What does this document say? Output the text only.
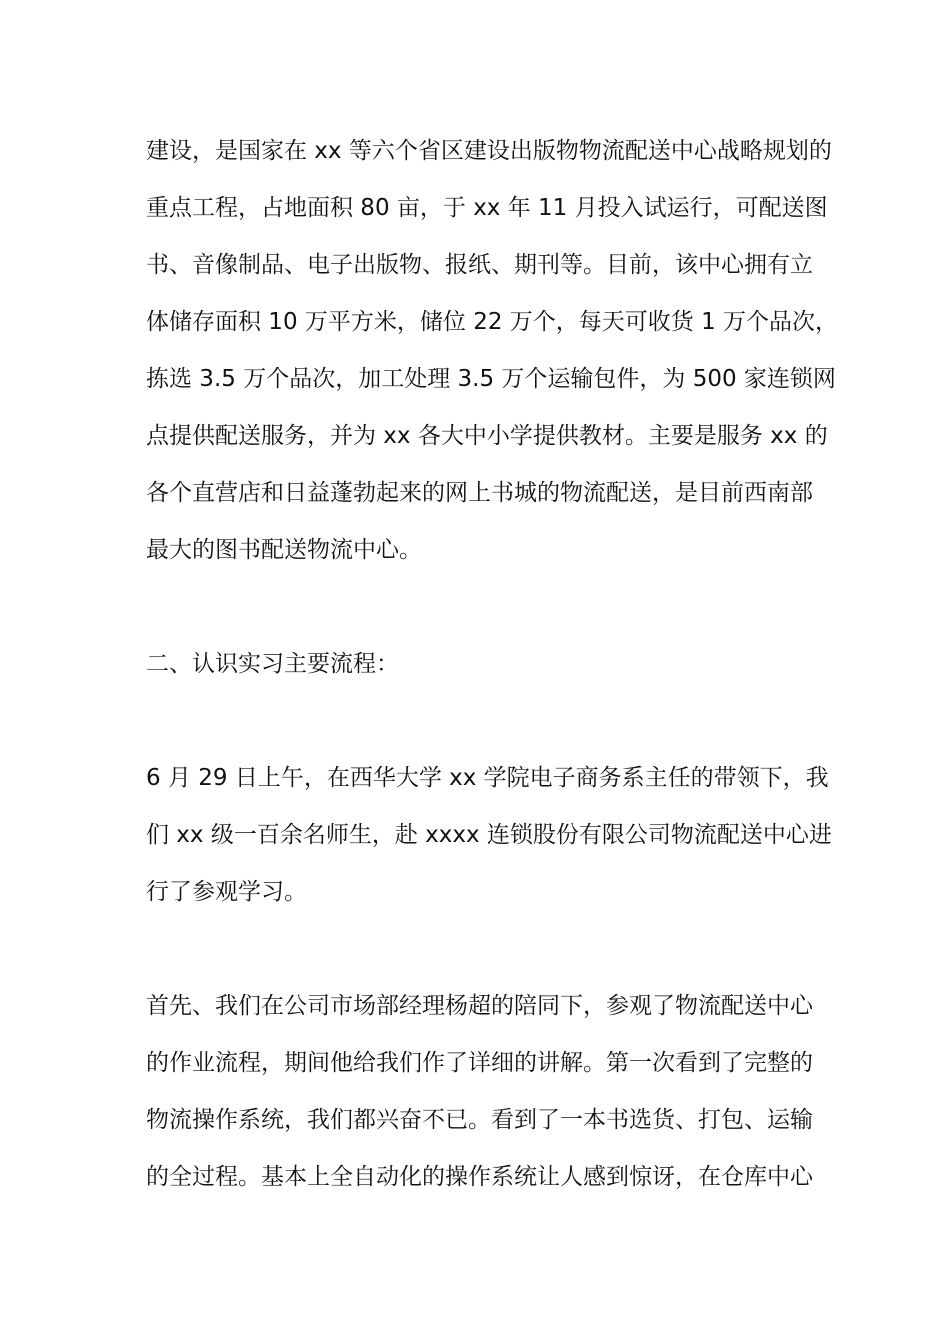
建设，是国家在 xx 等六个省区建设出版物物流配送中心战略规划的
重点工程，占地面积 80 亩，于 xx 年 11 月投入试运行，可配送图
书、音像制品、电子出版物、报纸、期刊等。目前，该中心拥有立
体储存面积 10 万平方米，储位 22 万个，每天可收货 1 万个品次，
拣选 3.5 万个品次，加工处理 3.5 万个运输包件，为 500 家连锁网
点提供配送服务，并为 xx 各大中小学提供教材。主要是服务 xx 的
各个直营店和日益蓬勃起来的网上书城的物流配送，是目前西南部
最大的图书配送物流中心。
二、认识实习主要流程：
6 月 29 日上午，在西华大学 xx 学院电子商务系主任的带领下，我
们 xx 级一百余名师生，赴 xxxx 连锁股份有限公司物流配送中心进
行了参观学习。
首先、我们在公司市场部经理杨超的陪同下，参观了物流配送中心
的作业流程，期间他给我们作了详细的讲解。第一次看到了完整的
物流操作系统，我们都兴奋不已。看到了一本书选货、打包、运输
的全过程。基本上全自动化的操作系统让人感到惊讶，在仓库中心
